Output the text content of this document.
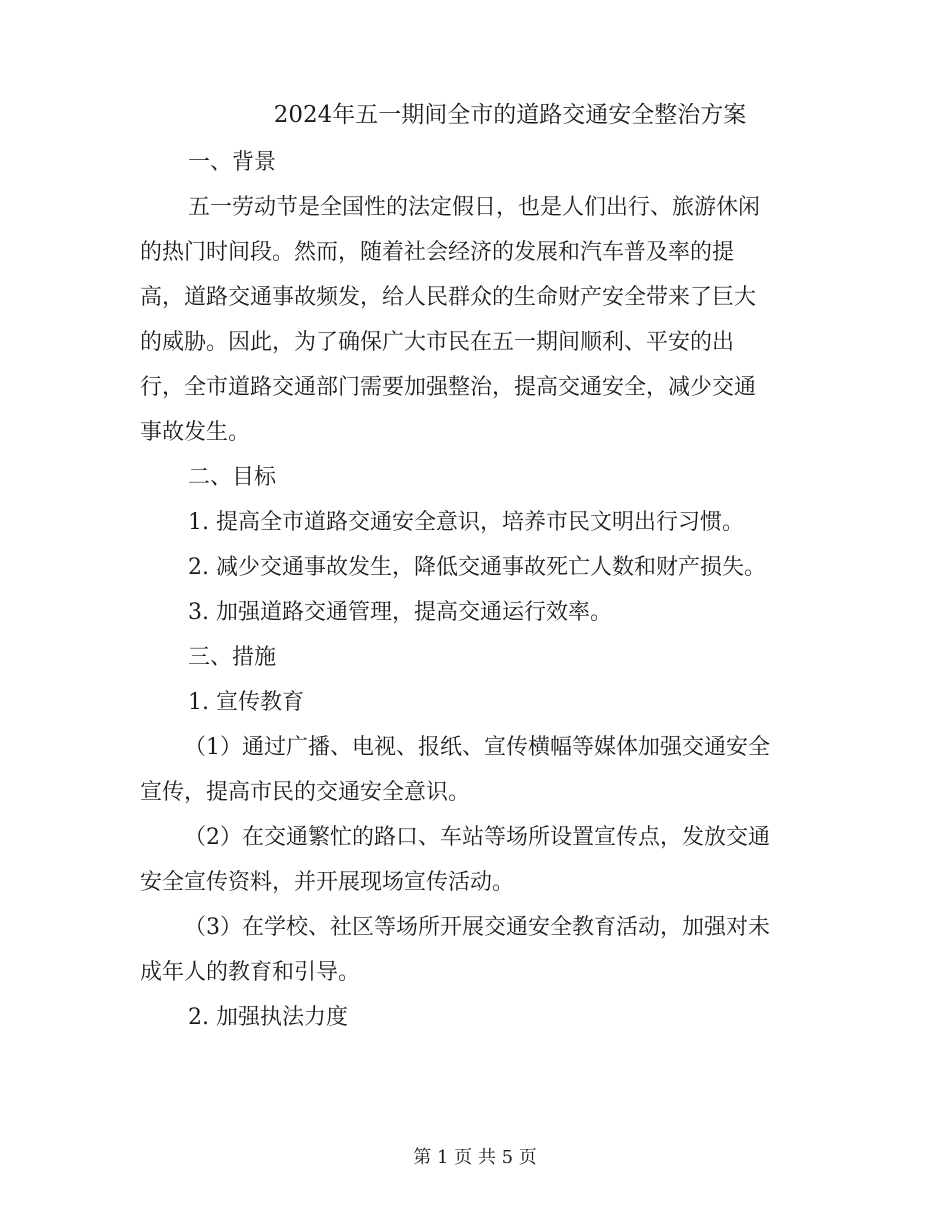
2024年五一期间全市的道路交通安全整治方案
一、背景
五一劳动节是全国性的法定假日，也是人们出行、旅游休闲
的热门时间段。然而，随着社会经济的发展和汽车普及率的提
高，道路交通事故频发，给人民群众的生命财产安全带来了巨大
的威胁。因此，为了确保广大市民在五一期间顺利、平安的出
行，全市道路交通部门需要加强整治，提高交通安全，减少交通
事故发生。
二、目标
1. 提高全市道路交通安全意识，培养市民文明出行习惯。
2. 减少交通事故发生，降低交通事故死亡人数和财产损失。
3. 加强道路交通管理，提高交通运行效率。
三、措施
1. 宣传教育
（1）通过广播、电视、报纸、宣传横幅等媒体加强交通安全
宣传，提高市民的交通安全意识。
（2）在交通繁忙的路口、车站等场所设置宣传点，发放交通
安全宣传资料，并开展现场宣传活动。
（3）在学校、社区等场所开展交通安全教育活动，加强对未
成年人的教育和引导。
2. 加强执法力度
第 1 页 共 5 页
